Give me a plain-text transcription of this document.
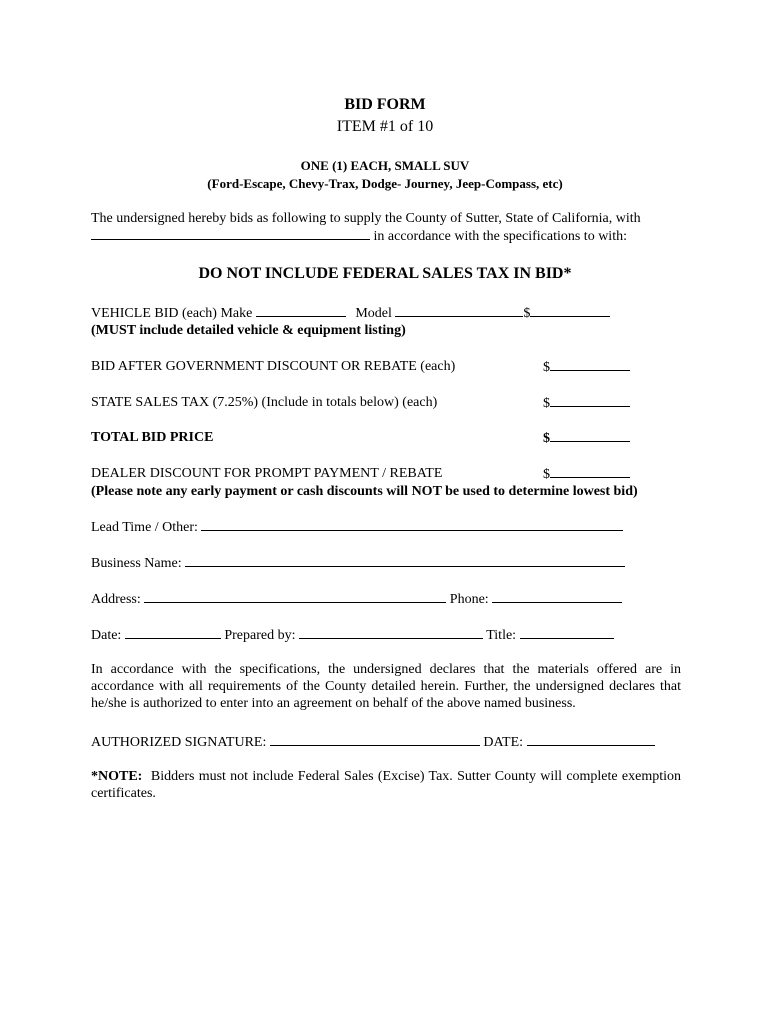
BID FORM
ITEM #1 of 10
ONE (1) EACH, SMALL SUV
(Ford-Escape, Chevy-Trax, Dodge- Journey, Jeep-Compass, etc)
The undersigned hereby bids as following to supply the County of Sutter, State of California, with
in accordance with the specifications to with:
DO NOT INCLUDE FEDERAL SALES TAX IN BID*
VEHICLE BID (each) Make	Model	$
(MUST include detailed vehicle & equipment listing)
BID AFTER GOVERNMENT DISCOUNT OR REBATE (each)	$
STATE SALES TAX (7.25%) (Include in totals below) (each)	$
TOTAL BID PRICE	$
DEALER DISCOUNT FOR PROMPT PAYMENT / REBATE	$
(Please note any early payment or cash discounts will NOT be used to determine lowest bid)
Lead Time / Other:
Business Name:
Address:	Phone:
Date:	Prepared by:	Title:
In accordance with the specifications, the undersigned declares that the materials offered are in accordance with all requirements of the County detailed herein. Further, the undersigned declares that he/she is authorized to enter into an agreement on behalf of the above named business.
AUTHORIZED SIGNATURE:	DATE:
*NOTE: Bidders must not include Federal Sales (Excise) Tax. Sutter County will complete exemption certificates.
